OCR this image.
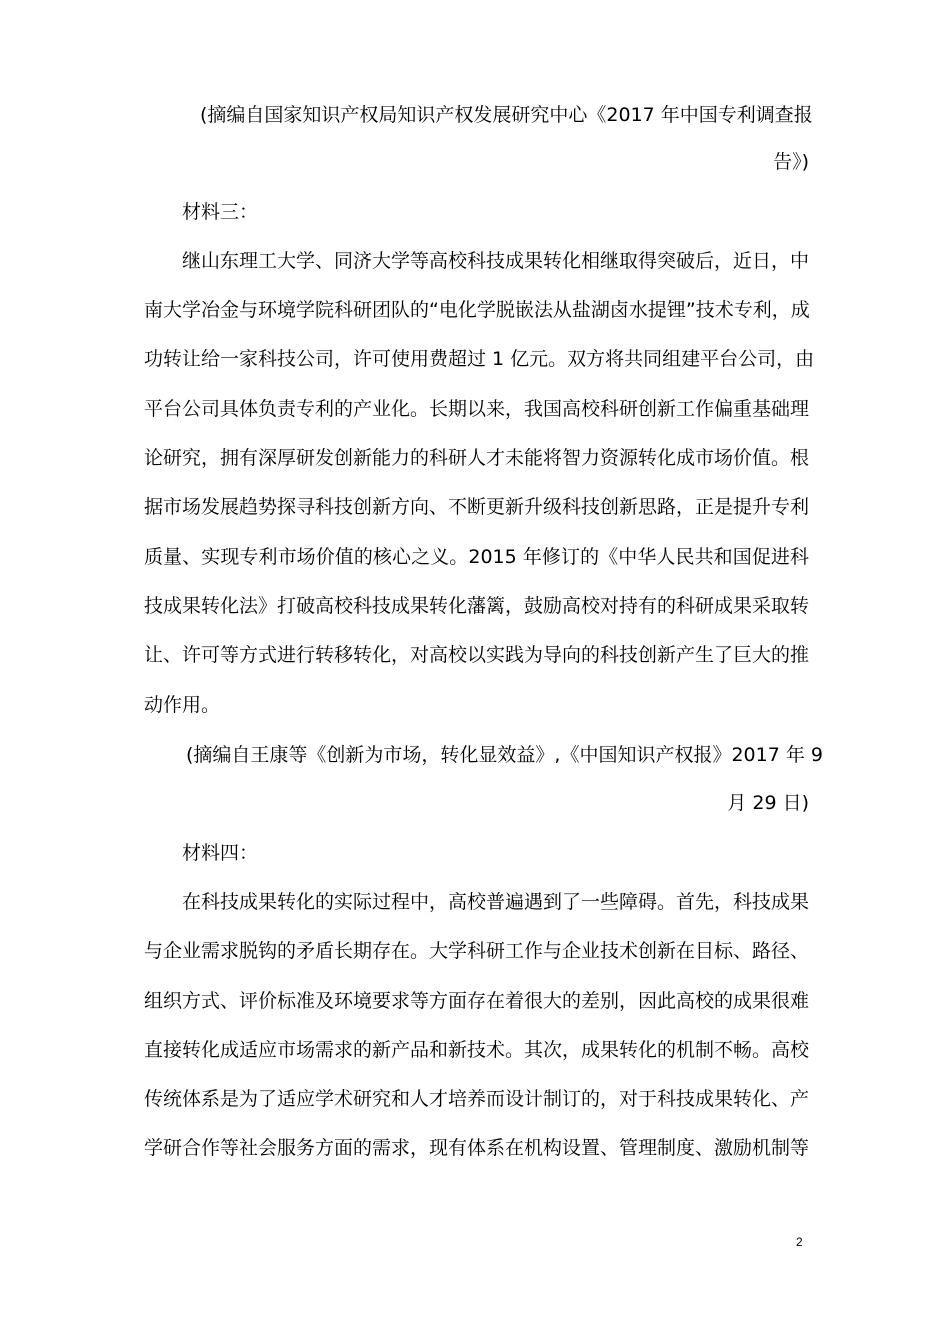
(摘编自国家知识产权局知识产权发展研究中心《2017 年中国专利调查报
告》)
材料三：
继山东理工大学、同济大学等高校科技成果转化相继取得突破后，近日，中
南大学冶金与环境学院科研团队的“电化学脱嵌法从盐湖卤水提锂”技术专利，成
功转让给一家科技公司，许可使用费超过 1 亿元。双方将共同组建平台公司，由
平台公司具体负责专利的产业化。长期以来，我国高校科研创新工作偏重基础理
论研究，拥有深厚研发创新能力的科研人才未能将智力资源转化成市场价值。根
据市场发展趋势探寻科技创新方向、不断更新升级科技创新思路，正是提升专利
质量、实现专利市场价值的核心之义。2015 年修订的《中华人民共和国促进科
技成果转化法》打破高校科技成果转化藩篱，鼓励高校对持有的科研成果采取转
让、许可等方式进行转移转化，对高校以实践为导向的科技创新产生了巨大的推
动作用。
(摘编自王康等《创新为市场，转化显效益》,《中国知识产权报》2017 年 9
月 29 日)
材料四：
在科技成果转化的实际过程中，高校普遍遇到了一些障碍。首先，科技成果
与企业需求脱钩的矛盾长期存在。大学科研工作与企业技术创新在目标、路径、
组织方式、评价标准及环境要求等方面存在着很大的差别，因此高校的成果很难
直接转化成适应市场需求的新产品和新技术。其次，成果转化的机制不畅。高校
传统体系是为了适应学术研究和人才培养而设计制订的，对于科技成果转化、产
学研合作等社会服务方面的需求，现有体系在机构设置、管理制度、激励机制等
2
